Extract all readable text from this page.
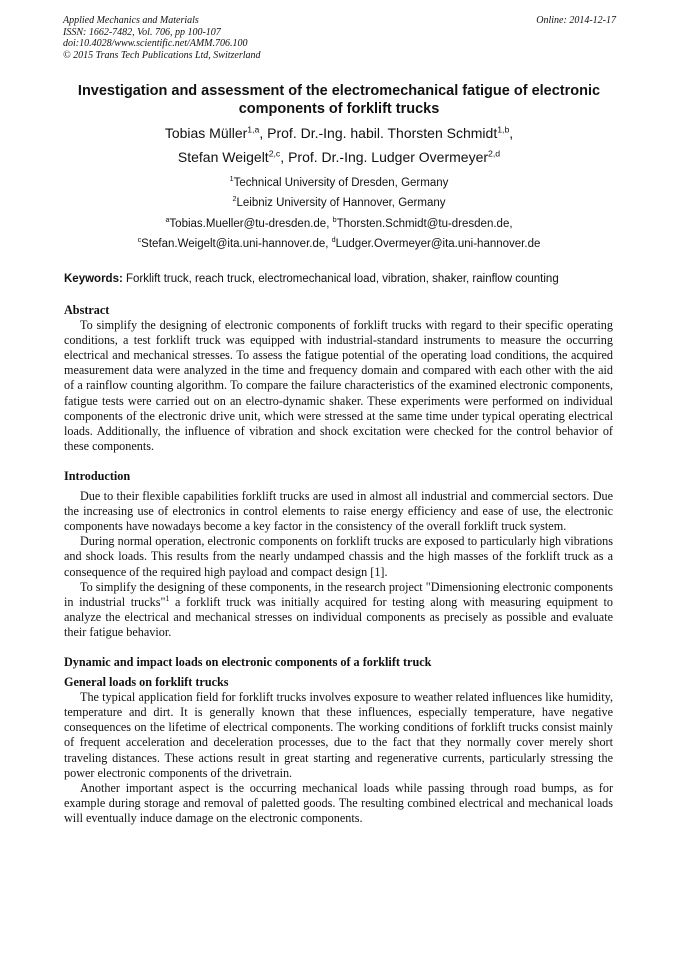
Applied Mechanics and Materials
ISSN: 1662-7482, Vol. 706, pp 100-107
doi:10.4028/www.scientific.net/AMM.706.100
© 2015 Trans Tech Publications Ltd, Switzerland
Online: 2014-12-17
Investigation and assessment of the electromechanical fatigue of electronic components of forklift trucks
Tobias Müller$^{1,a}$, Prof. Dr.-Ing. habil. Thorsten Schmidt$^{1,b}$,
Stefan Weigelt$^{2,c}$, Prof. Dr.-Ing. Ludger Overmeyer$^{2,d}$
$^1$Technical University of Dresden, Germany
$^2$Leibniz University of Hannover, Germany
$^a$Tobias.Mueller@tu-dresden.de, $^b$Thorsten.Schmidt@tu-dresden.de,
$^c$Stefan.Weigelt@ita.uni-hannover.de, $^d$Ludger.Overmeyer@ita.uni-hannover.de
Keywords: Forklift truck, reach truck, electromechanical load, vibration, shaker, rainflow counting
Abstract

To simplify the designing of electronic components of forklift trucks with regard to their specific operating conditions, a test forklift truck was equipped with industrial-standard instruments to measure the occurring electrical and mechanical stresses. To assess the fatigue potential of the operating load conditions, the acquired measurement data were analyzed in the time and frequency domain and compared with each other with the aid of a rainflow counting algorithm. To compare the failure characteristics of the examined electronic components, fatigue tests were carried out on an electro-dynamic shaker. These experiments were performed on individual components of the electronic drive unit, which were stressed at the same time under typical operating electrical loads. Additionally, the influence of vibration and shock excitation were checked for the control behavior of these components.

Introduction

Due to their flexible capabilities forklift trucks are used in almost all industrial and commercial sectors. Due the increasing use of electronics in control elements to raise energy efficiency and ease of use, the electronic components have nowadays become a key factor in the consistency of the overall forklift truck system.

During normal operation, electronic components on forklift trucks are exposed to particularly high vibrations and shock loads. This results from the nearly undamped chassis and the high masses of the forklift truck as a consequence of the required high payload and compact design [1].

To simplify the designing of these components, in the research project "Dimensioning electronic components in industrial trucks"$^1$ a forklift truck was initially acquired for testing along with measuring equipment to analyze the electrical and mechanical stresses on individual components as precisely as possible and evaluate their fatigue behavior.

Dynamic and impact loads on electronic components of a forklift truck
General loads on forklift trucks

The typical application field for forklift trucks involves exposure to weather related influences like humidity, temperature and dirt. It is generally known that these influences, especially temperature, have negative consequences on the lifetime of electrical components. The working conditions of forklift trucks consist mainly of frequent acceleration and deceleration processes, due to the fact that they normally cover merely short traveling distances. These actions result in great starting and regenerative currents, particularly stressing the power electronic components of the drivetrain.

Another important aspect is the occurring mechanical loads while passing through road bumps, as for example during storage and removal of paletted goods. The resulting combined electrical and mechanical loads will eventually induce damage on the electronic components.
